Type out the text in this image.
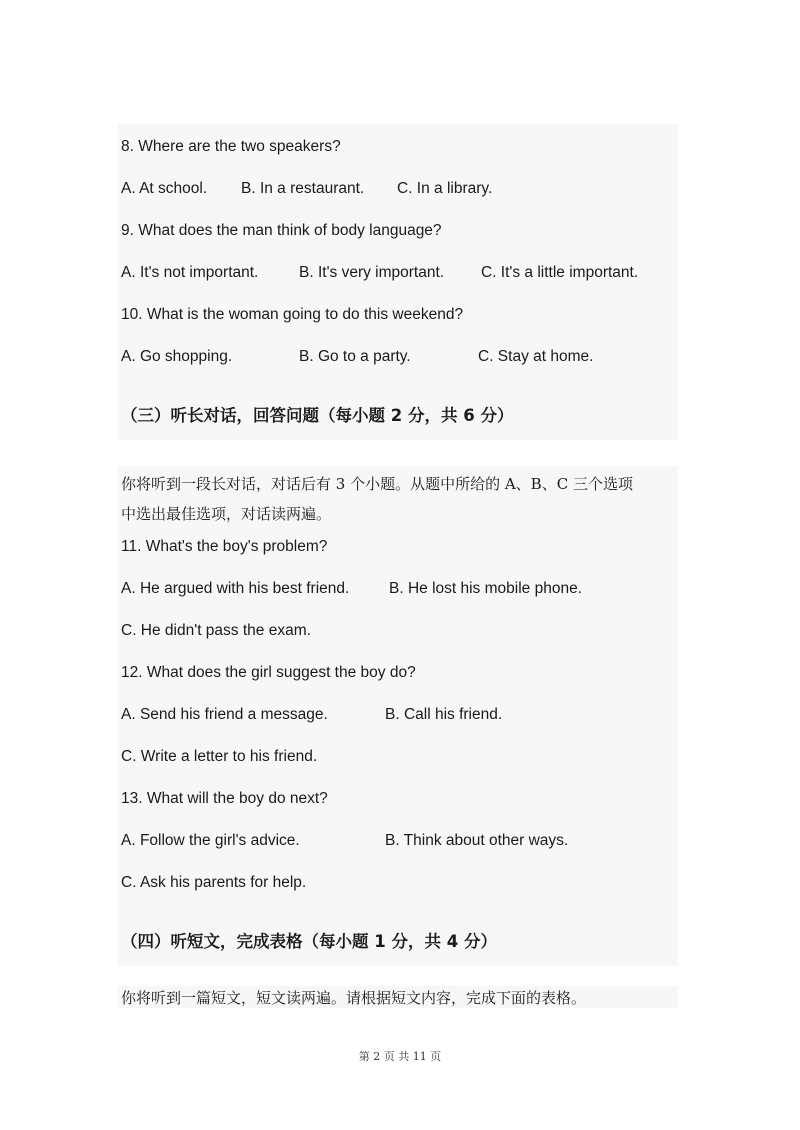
8. Where are the two speakers?
A. At school. B. In a restaurant. C. In a library.
9. What does the man think of body language?
A. It's not important.	B. It's very important. C. It's a little important.
10. What is the woman going to do this weekend?
A. Go shopping.	B. Go to a party.	C. Stay at home.
（三）听长对话，回答问题（每小题 2 分，共 6 分）
你将听到一段长对话，对话后有 3 个小题。从题中所给的 A、B、C 三个选项
中选出最佳选项，对话读两遍。
11. What's the boy's problem?
A. He argued with his best friend.	B. He lost his mobile phone.
C. He didn't pass the exam.
12. What does the girl suggest the boy do?
A. Send his friend a message.	B. Call his friend.
C. Write a letter to his friend.
13. What will the boy do next?
A. Follow the girl's advice.	B. Think about other ways.
C. Ask his parents for help.
（四）听短文，完成表格（每小题 1 分，共 4 分）
你将听到一篇短文，短文读两遍。请根据短文内容，完成下面的表格。
第 2 页 共 11 页
